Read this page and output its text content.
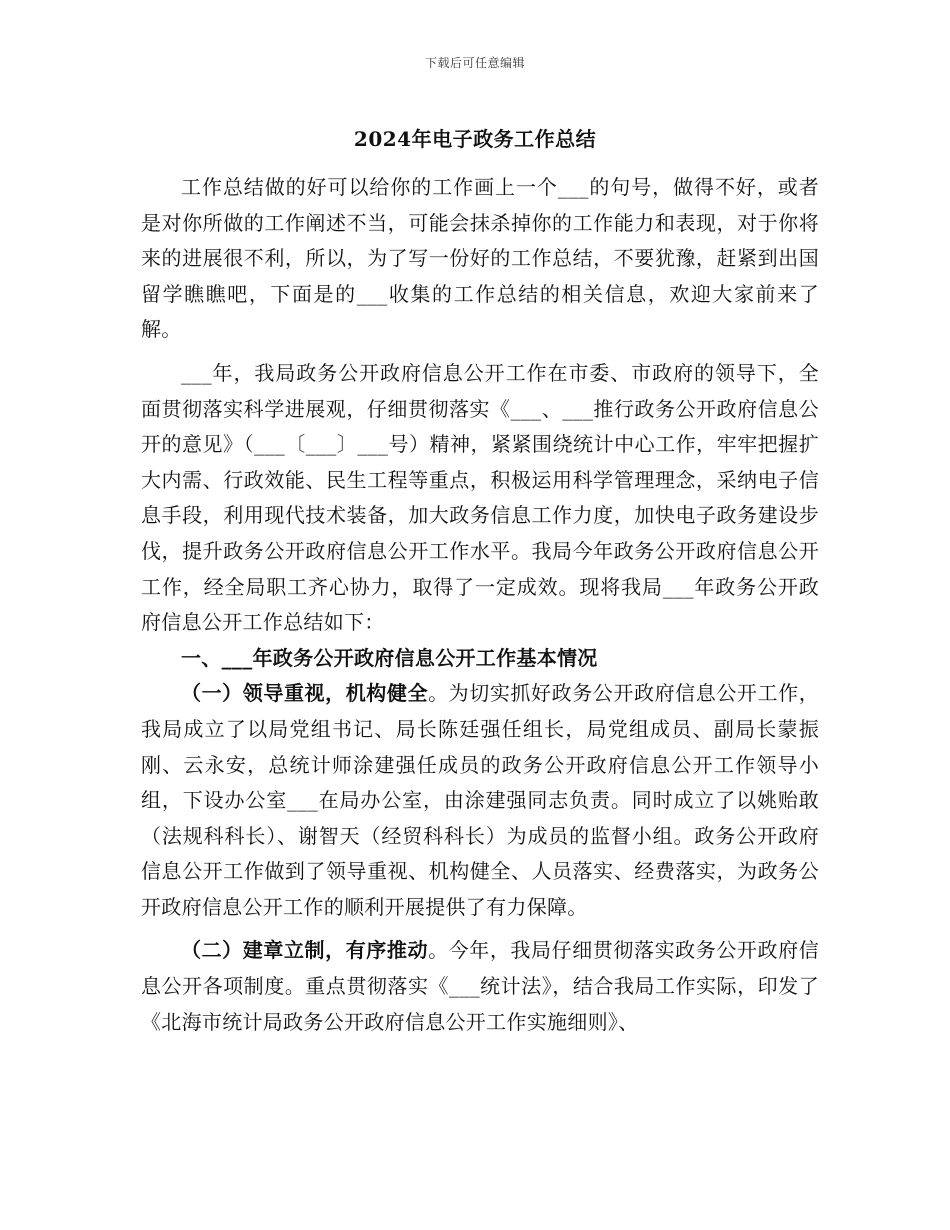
下载后可任意编辑
2024年电子政务工作总结

工作总结做的好可以给你的工作画上一个___的句号，做得不好，或者是对你所做的工作阐述不当，可能会抹杀掉你的工作能力和表现，对于你将来的进展很不利，所以，为了写一份好的工作总结，不要犹豫，赶紧到出国留学瞧瞧吧，下面是的___收集的工作总结的相关信息，欢迎大家前来了解。

___年，我局政务公开政府信息公开工作在市委、市政府的领导下，全面贯彻落实科学进展观，仔细贯彻落实《___、___推行政务公开政府信息公开的意见》（___〔___〕___号）精神，紧紧围绕统计中心工作，牢牢把握扩大内需、行政效能、民生工程等重点，积极运用科学管理理念，采纳电子信息手段，利用现代技术装备，加大政务信息工作力度，加快电子政务建设步伐，提升政务公开政府信息公开工作水平。我局今年政务公开政府信息公开工作，经全局职工齐心协力，取得了一定成效。现将我局___年政务公开政府信息公开工作总结如下：

一、___年政务公开政府信息公开工作基本情况

（一）领导重视，机构健全。为切实抓好政务公开政府信息公开工作，我局成立了以局党组书记、局长陈廷强任组长，局党组成员、副局长蒙振刚、云永安，总统计师涂建强任成员的政务公开政府信息公开工作领导小组，下设办公室___在局办公室，由涂建强同志负责。同时成立了以姚贻敢（法规科科长）、谢智天（经贸科科长）为成员的监督小组。政务公开政府信息公开工作做到了领导重视、机构健全、人员落实、经费落实，为政务公开政府信息公开工作的顺利开展提供了有力保障。

（二）建章立制，有序推动。今年，我局仔细贯彻落实政务公开政府信息公开各项制度。重点贯彻落实《___统计法》，结合我局工作实际，印发了《北海市统计局政务公开政府信息公开工作实施细则》、
